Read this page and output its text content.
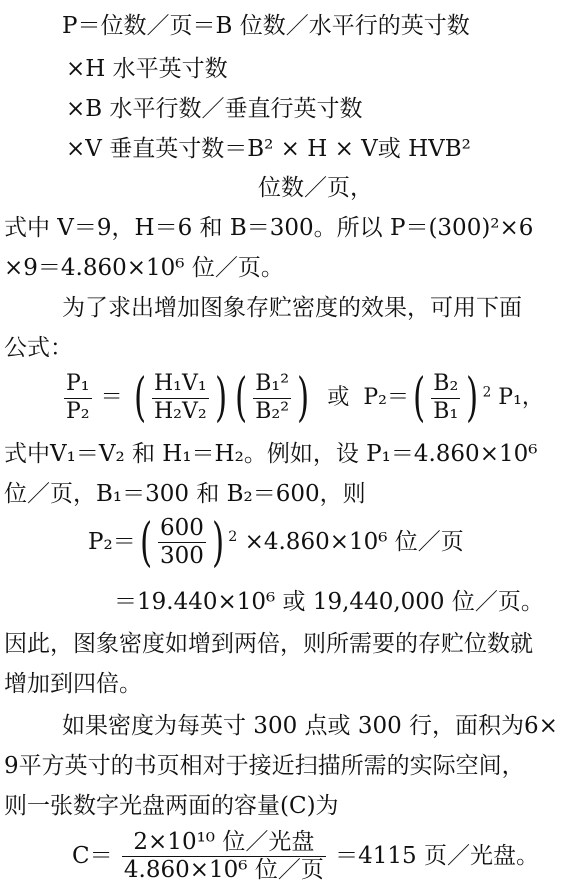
P＝位数／页＝B 位数／水平行的英寸数
×H 水平英寸数
×B 水平行数／垂直行英寸数
×V 垂直英寸数＝B² × H × V或 HVB²
位数／页，
式中 V＝9，H＝6 和 B＝300。所以 P＝(300)²×6
×9＝4.860×10⁶ 位／页。
为了求出增加图象存贮密度的效果，可用下面
公式：
$\frac{\text{P₁}}{\text{P₂}}$ ＝ ( $\frac{\text{H₁V₁}}{\text{H₂V₂}}$ ) ( $\frac{\text{B₁²}}{\text{B₂²}}$ ) 或 $P_2=( \frac{\text{B₂}}{\text{B₁}}$ ) $^2$ P₁，
式中V₁＝V₂ 和 H₁＝H₂。例如，设 P₁＝4.860×10⁶
位／页，B₁＝300 和 B₂＝600，则
$P_2=( \frac{600}{300}$ ) $^2$ ×4.860×10⁶ 位／页
＝19.440×10⁶ 或 19,440,000 位／页。
因此，图象密度如增到两倍，则所需要的存贮位数就
增加到四倍。
如果密度为每英寸 300 点或 300 行，面积为6×
9平方英寸的书页相对于接近扫描所需的实际空间，
则一张数字光盘两面的容量(C)为
$C= \frac{\text{2×10¹⁰ 位／光盘}}{\text{4.860×10⁶ 位／页}} =4115$ 页／光盘。
